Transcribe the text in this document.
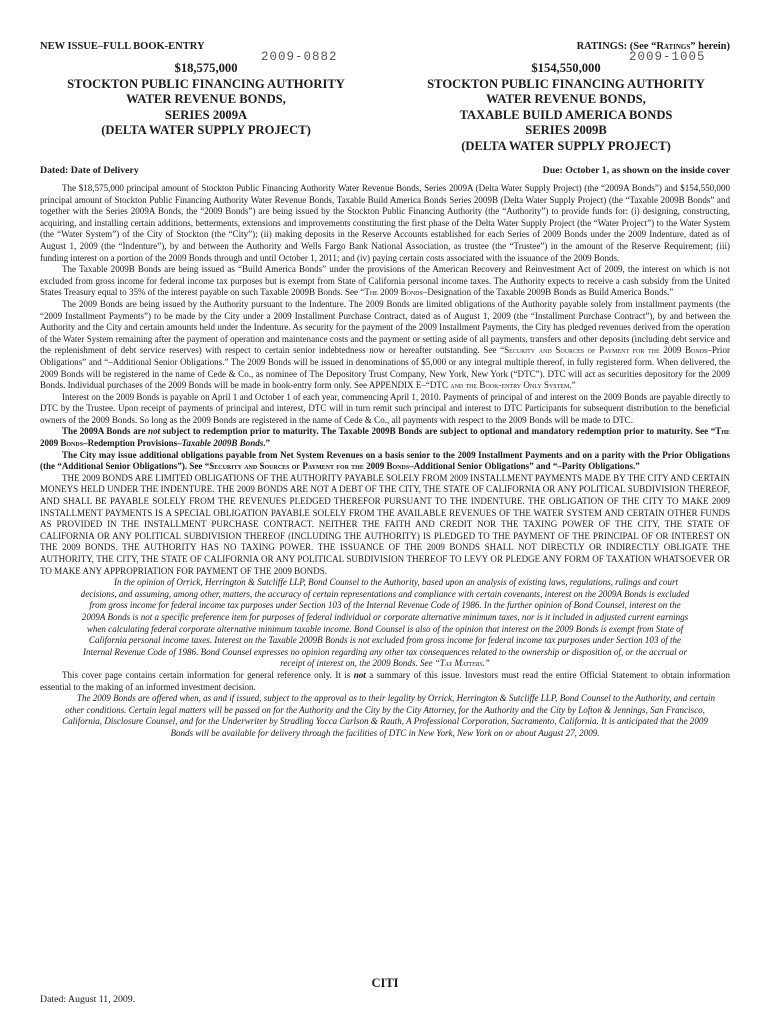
NEW ISSUE–FULL BOOK-ENTRY	RATINGS: (See “Ratings” herein)
$18,575,000
2009-0882
STOCKTON PUBLIC FINANCING AUTHORITY
WATER REVENUE BONDS,
SERIES 2009A
(DELTA WATER SUPPLY PROJECT)
$154,550,000
2009-1005
STOCKTON PUBLIC FINANCING AUTHORITY
WATER REVENUE BONDS,
TAXABLE BUILD AMERICA BONDS
SERIES 2009B
(DELTA WATER SUPPLY PROJECT)
Dated: Date of Delivery	Due: October 1, as shown on the inside cover

The $18,575,000 principal amount of Stockton Public Financing Authority Water Revenue Bonds, Series 2009A (Delta Water Supply Project) (the “2009A Bonds”) and $154,550,000 principal amount of Stockton Public Financing Authority Water Revenue Bonds, Taxable Build America Bonds Series 2009B (Delta Water Supply Project) (the “Taxable 2009B Bonds” and together with the Series 2009A Bonds, the “2009 Bonds”) are being issued by the Stockton Public Financing Authority (the “Authority”) to provide funds for: (i) designing, constructing, acquiring, and installing certain additions, betterments, extensions and improvements constituting the first phase of the Delta Water Supply Project (the “Water Project”) to the Water System (the “Water System”) of the City of Stockton (the “City”); (ii) making deposits in the Reserve Accounts established for each Series of 2009 Bonds under the 2009 Indenture, dated as of August 1, 2009 (the “Indenture”), by and between the Authority and Wells Fargo Bank National Association, as trustee (the “Trustee”) in the amount of the Reserve Requirement; (iii) funding interest on a portion of the 2009 Bonds through and until October 1, 2011; and (iv) paying certain costs associated with the issuance of the 2009 Bonds.

The Taxable 2009B Bonds are being issued as “Build America Bonds” under the provisions of the American Recovery and Reinvestment Act of 2009, the interest on which is not excluded from gross income for federal income tax purposes but is exempt from State of California personal income taxes. The Authority expects to receive a cash subsidy from the United States Treasury equal to 35% of the interest payable on such Taxable 2009B Bonds. See “The 2009 Bonds–Designation of the Taxable 2009B Bonds as Build America Bonds.”

The 2009 Bonds are being issued by the Authority pursuant to the Indenture. The 2009 Bonds are limited obligations of the Authority payable solely from installment payments (the “2009 Installment Payments”) to be made by the City under a 2009 Installment Purchase Contract, dated as of August 1, 2009 (the “Installment Purchase Contract”), by and between the Authority and the City and certain amounts held under the Indenture. As security for the payment of the 2009 Installment Payments, the City has pledged revenues derived from the operation of the Water System remaining after the payment of operation and maintenance costs and the payment or setting aside of all payments, transfers and other deposits (including debt service and the replenishment of debt service reserves) with respect to certain senior indebtedness now or hereafter outstanding. See “Security and Sources of Payment for the 2009 Bonds–Prior Obligations” and “–Additional Senior Obligations.” The 2009 Bonds will be issued in denominations of $5,000 or any integral multiple thereof, in fully registered form. When delivered, the 2009 Bonds will be registered in the name of Cede & Co., as nominee of The Depository Trust Company, New York, New York (“DTC”). DTC will act as securities depository for the 2009 Bonds. Individual purchases of the 2009 Bonds will be made in book-entry form only. See APPENDIX E–“DTC and the Book-entry Only System.”

Interest on the 2009 Bonds is payable on April 1 and October 1 of each year, commencing April 1, 2010. Payments of principal of and interest on the 2009 Bonds are payable directly to DTC by the Trustee. Upon receipt of payments of principal and interest, DTC will in turn remit such principal and interest to DTC Participants for subsequent distribution to the beneficial owners of the 2009 Bonds. So long as the 2009 Bonds are registered in the name of Cede & Co., all payments with respect to the 2009 Bonds will be made to DTC.

The 2009A Bonds are not subject to redemption prior to maturity. The Taxable 2009B Bonds are subject to optional and mandatory redemption prior to maturity. See “The 2009 Bonds–Redemption Provisions–Taxable 2009B Bonds.”

The City may issue additional obligations payable from Net System Revenues on a basis senior to the 2009 Installment Payments and on a parity with the Prior Obligations (the “Additional Senior Obligations”). See “Security and Sources of Payment for the 2009 Bonds–Additional Senior Obligations” and “–Parity Obligations.”

THE 2009 BONDS ARE LIMITED OBLIGATIONS OF THE AUTHORITY PAYABLE SOLELY FROM 2009 INSTALLMENT PAYMENTS MADE BY THE CITY AND CERTAIN MONEYS HELD UNDER THE INDENTURE. THE 2009 BONDS ARE NOT A DEBT OF THE CITY, THE STATE OF CALIFORNIA OR ANY POLITICAL SUBDIVISION THEREOF, AND SHALL BE PAYABLE SOLELY FROM THE REVENUES PLEDGED THEREFOR PURSUANT TO THE INDENTURE. THE OBLIGATION OF THE CITY TO MAKE 2009 INSTALLMENT PAYMENTS IS A SPECIAL OBLIGATION PAYABLE SOLELY FROM THE AVAILABLE REVENUES OF THE WATER SYSTEM AND CERTAIN OTHER FUNDS AS PROVIDED IN THE INSTALLMENT PURCHASE CONTRACT. NEITHER THE FAITH AND CREDIT NOR THE TAXING POWER OF THE CITY, THE STATE OF CALIFORNIA OR ANY POLITICAL SUBDIVISION THEREOF (INCLUDING THE AUTHORITY) IS PLEDGED TO THE PAYMENT OF THE PRINCIPAL OF OR INTEREST ON THE 2009 BONDS. THE AUTHORITY HAS NO TAXING POWER. THE ISSUANCE OF THE 2009 BONDS SHALL NOT DIRECTLY OR INDIRECTLY OBLIGATE THE AUTHORITY, THE CITY, THE STATE OF CALIFORNIA OR ANY POLITICAL SUBDIVISION THEREOF TO LEVY OR PLEDGE ANY FORM OF TAXATION WHATSOEVER OR TO MAKE ANY APPROPRIATION FOR PAYMENT OF THE 2009 BONDS.

In the opinion of Orrick, Herrington & Sutcliffe LLP, Bond Counsel to the Authority, based upon an analysis of existing laws, regulations, rulings and court decisions, and assuming, among other, matters, the accuracy of certain representations and compliance with certain covenants, interest on the 2009A Bonds is excluded from gross income for federal income tax purposes under Section 103 of the Internal Revenue Code of 1986. In the further opinion of Bond Counsel, interest on the 2009A Bonds is not a specific preference item for purposes of federal individual or corporate alternative minimum taxes, nor is it included in adjusted current earnings when calculating federal corporate alternative minimum taxable income. Bond Counsel is also of the opinion that interest on the 2009 Bonds is exempt from State of California personal income taxes. Interest on the Taxable 2009B Bonds is not excluded from gross income for federal income tax purposes under Section 103 of the Internal Revenue Code of 1986. Bond Counsel expresses no opinion regarding any other tax consequences related to the ownership or disposition of, or the accrual or receipt of interest on, the 2009 Bonds. See “Tax Matters.”

This cover page contains certain information for general reference only. It is not a summary of this issue. Investors must read the entire Official Statement to obtain information essential to the making of an informed investment decision.

The 2009 Bonds are offered when, as and if issued, subject to the approval as to their legality by Orrick, Herrington & Sutcliffe LLP, Bond Counsel to the Authority, and certain other conditions. Certain legal matters will be passed on for the Authority and the City by the City Attorney, for the Authority and the City by Lofton & Jennings, San Francisco, California, Disclosure Counsel, and for the Underwriter by Stradling Yocca Carlson & Rauth, A Professional Corporation, Sacramento, California. It is anticipated that the 2009 Bonds will be available for delivery through the facilities of DTC in New York, New York on or about August 27, 2009.

CITI
Dated: August 11, 2009.
